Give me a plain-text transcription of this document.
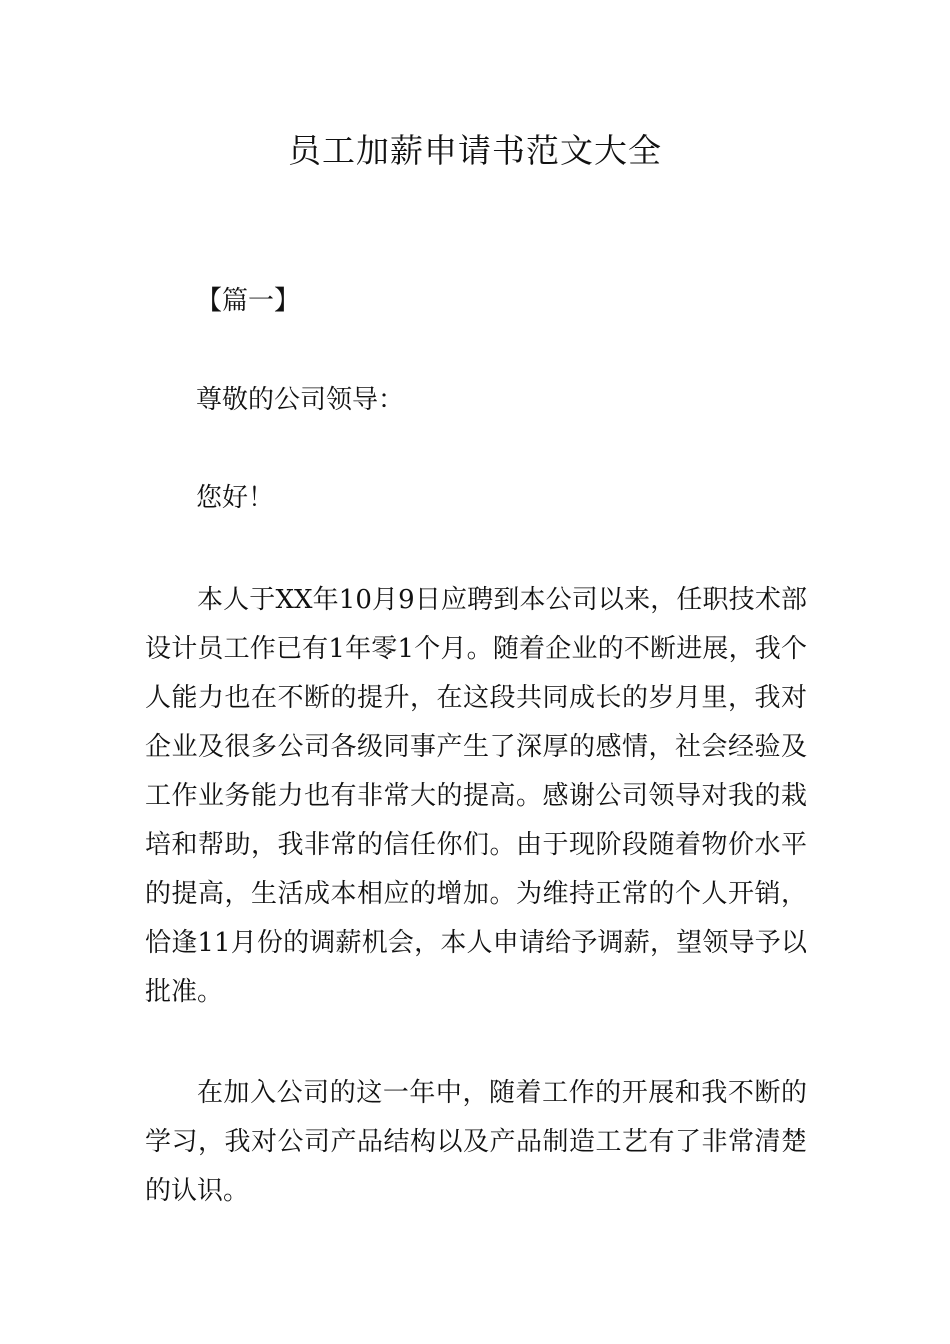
员工加薪申请书范文大全

【篇一】

尊敬的公司领导：

您好！

本人于XX年10月9日应聘到本公司以来，任职技术部设计员工作已有1年零1个月。随着企业的不断进展，我个人能力也在不断的提升，在这段共同成长的岁月里，我对企业及很多公司各级同事产生了深厚的感情，社会经验及工作业务能力也有非常大的提高。感谢公司领导对我的栽培和帮助，我非常的信任你们。由于现阶段随着物价水平的提高，生活成本相应的增加。为维持正常的个人开销，恰逢11月份的调薪机会，本人申请给予调薪，望领导予以批准。

在加入公司的这一年中，随着工作的开展和我不断的学习，我对公司产品结构以及产品制造工艺有了非常清楚的认识。
